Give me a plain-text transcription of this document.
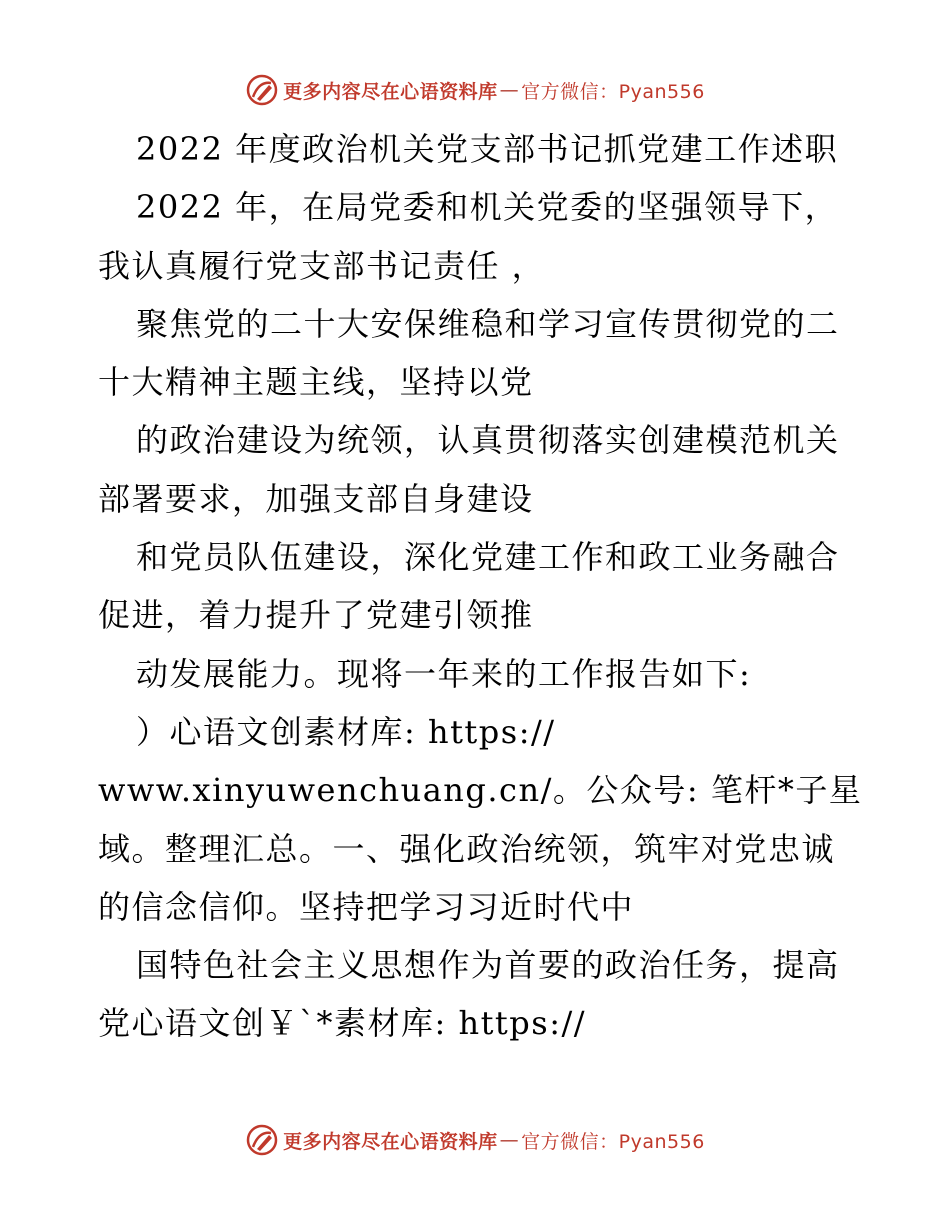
更多内容尽在心语资料库 — 官方微信：Pyan556
2022 年度政治机关党支部书记抓党建工作述职
2022 年，在局党委和机关党委的坚强领导下，
我认真履行党支部书记责任 ，
聚焦党的二十大安保维稳和学习宣传贯彻党的二
十大精神主题主线，坚持以党
的政治建设为统领，认真贯彻落实创建模范机关
部署要求，加强支部自身建设
和党员队伍建设，深化党建工作和政工业务融合
促进，着力提升了党建引领推
动发展能力。现将一年来的工作报告如下:
）心语文创素材库: https://
www.xinyuwenchuang.cn/。公众号: 笔杆*子星
域。整理汇总。一、强化政治统领，筑牢对党忠诚
的信念信仰。坚持把学习习近时代中
国特色社会主义思想作为首要的政治任务，提高
党心语文创￥`*素材库: https://
更多内容尽在心语资料库 — 官方微信：Pyan556
